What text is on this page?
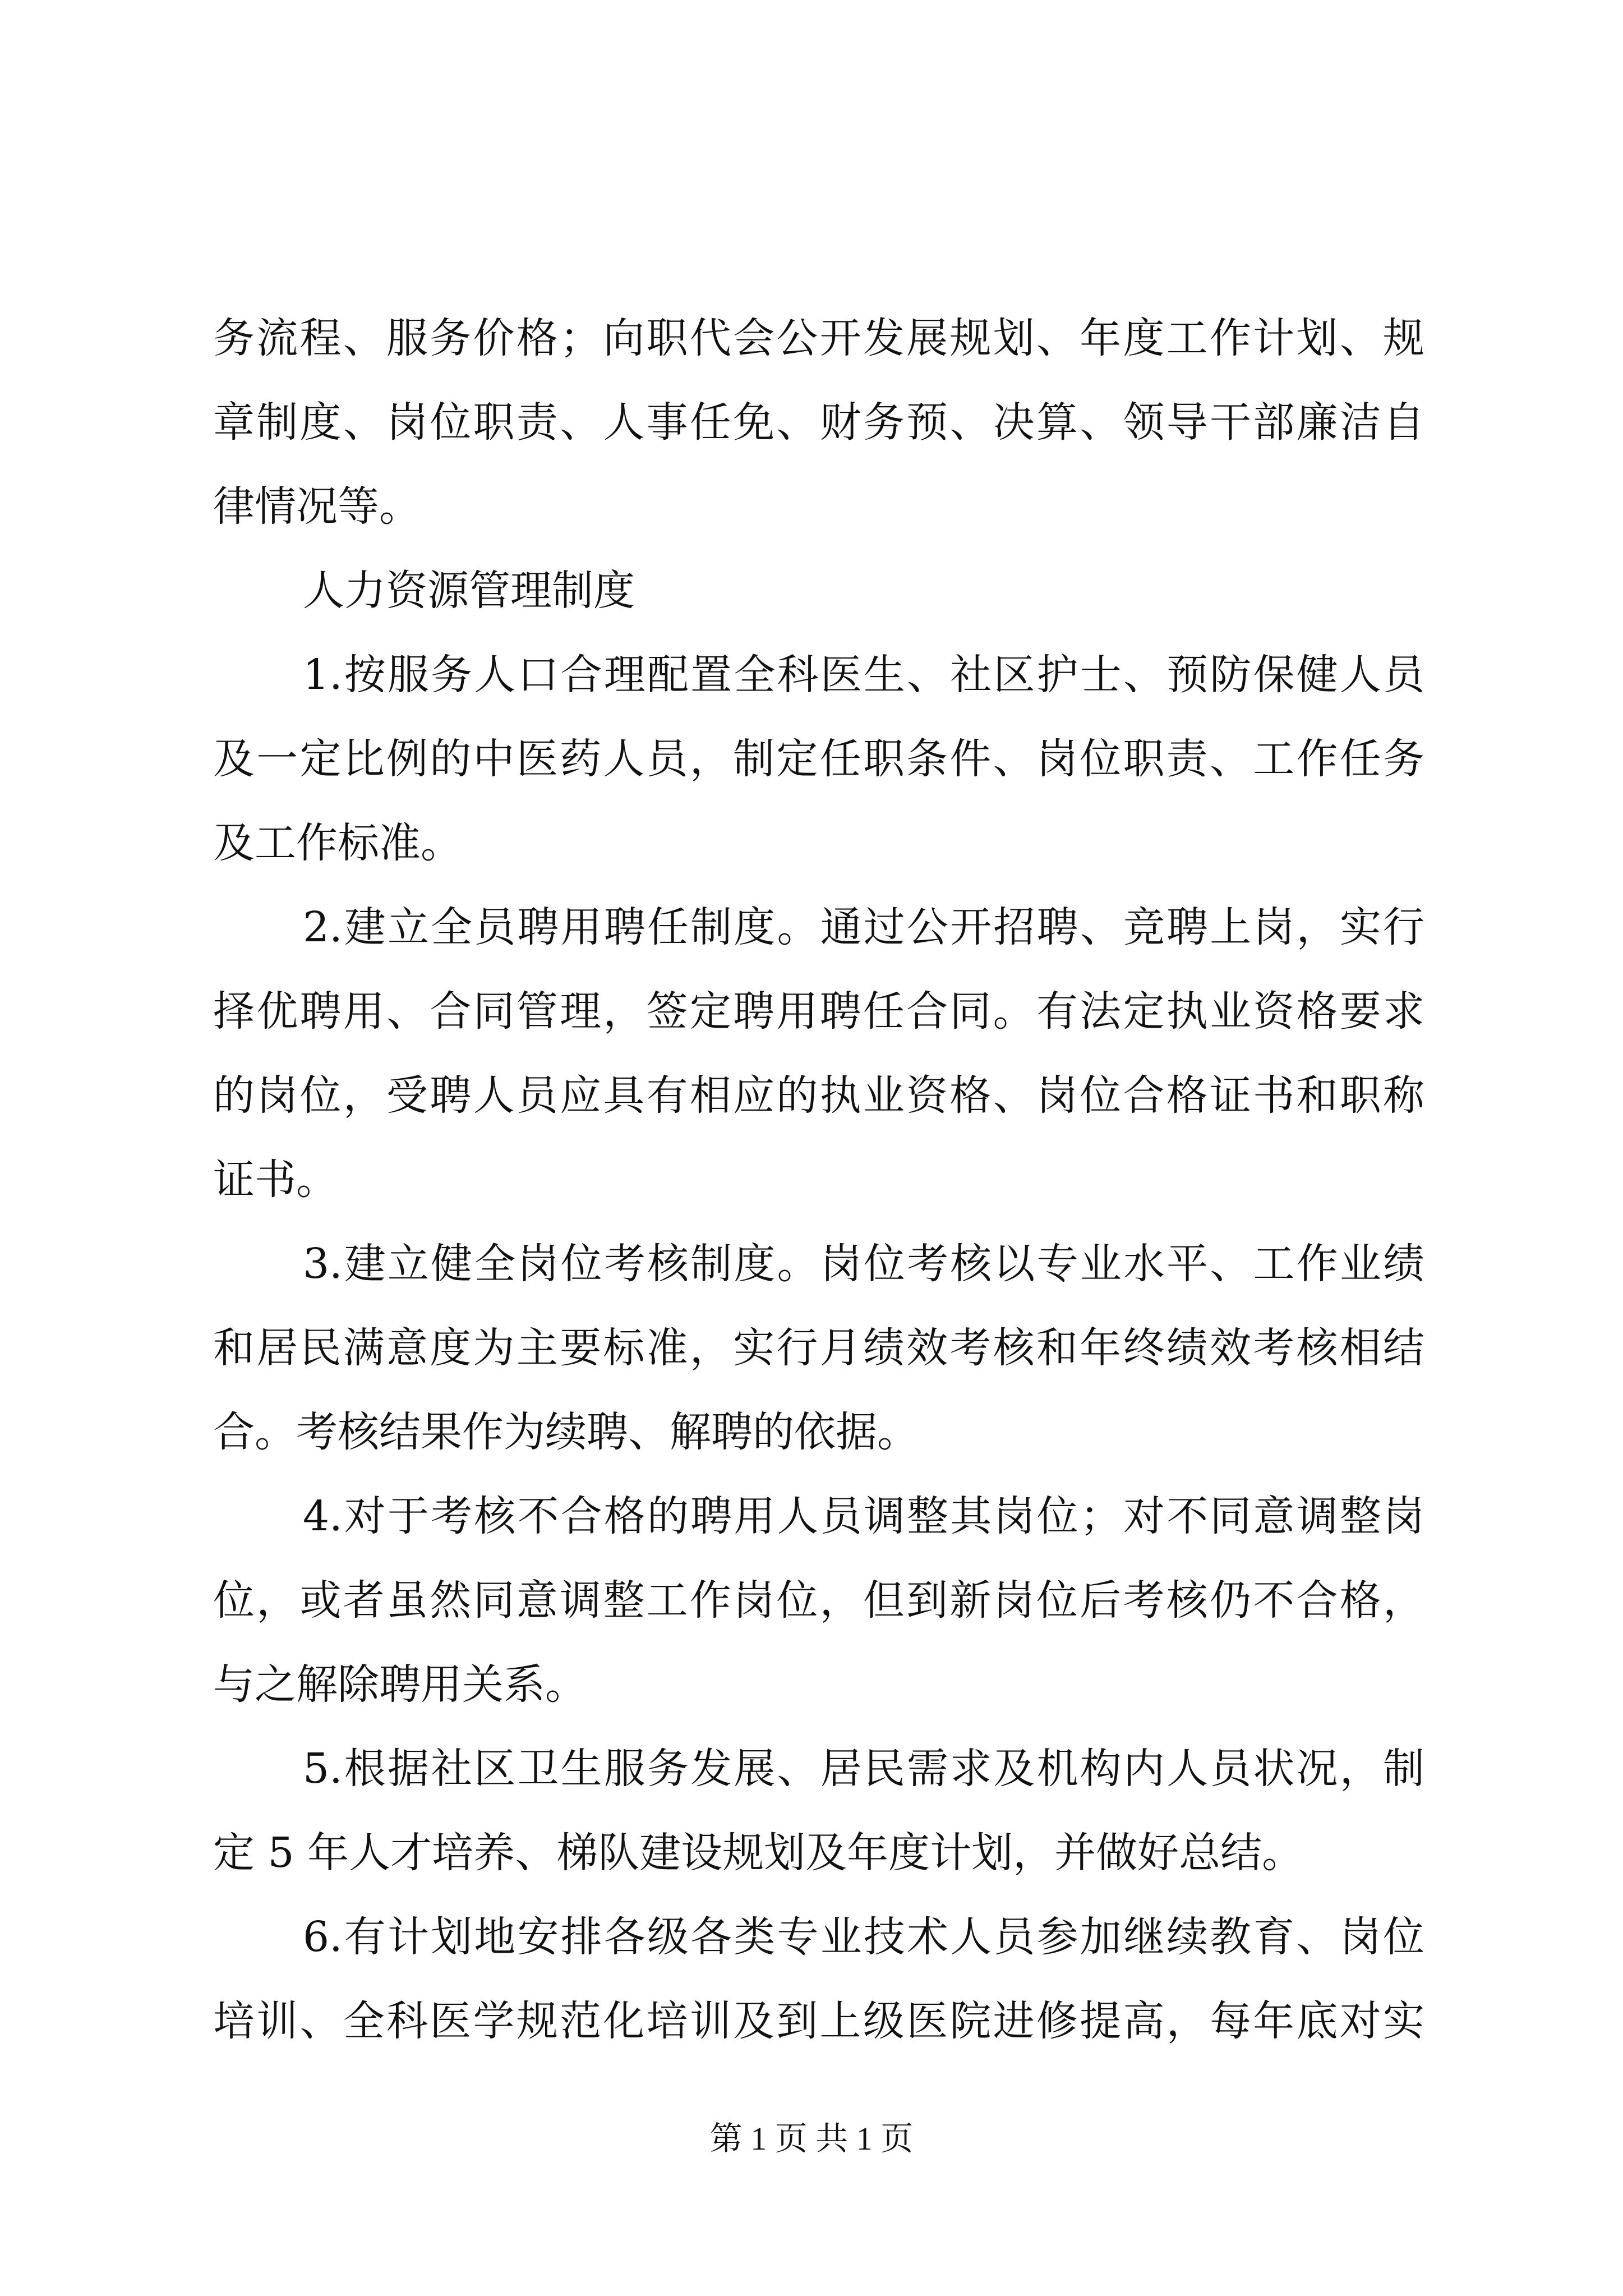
务流程、服务价格；向职代会公开发展规划、年度工作计划、规
章制度、岗位职责、人事任免、财务预、决算、领导干部廉洁自
律情况等。
人力资源管理制度
1.按服务人口合理配置全科医生、社区护士、预防保健人员
及一定比例的中医药人员，制定任职条件、岗位职责、工作任务
及工作标准。
2.建立全员聘用聘任制度。通过公开招聘、竞聘上岗，实行
择优聘用、合同管理，签定聘用聘任合同。有法定执业资格要求
的岗位，受聘人员应具有相应的执业资格、岗位合格证书和职称
证书。
3.建立健全岗位考核制度。岗位考核以专业水平、工作业绩
和居民满意度为主要标准，实行月绩效考核和年终绩效考核相结
合。考核结果作为续聘、解聘的依据。
4.对于考核不合格的聘用人员调整其岗位；对不同意调整岗
位，或者虽然同意调整工作岗位，但到新岗位后考核仍不合格，
与之解除聘用关系。
5.根据社区卫生服务发展、居民需求及机构内人员状况，制
定 5 年人才培养、梯队建设规划及年度计划，并做好总结。
6.有计划地安排各级各类专业技术人员参加继续教育、岗位
培训、全科医学规范化培训及到上级医院进修提高，每年底对实
第 1 页 共 1 页
